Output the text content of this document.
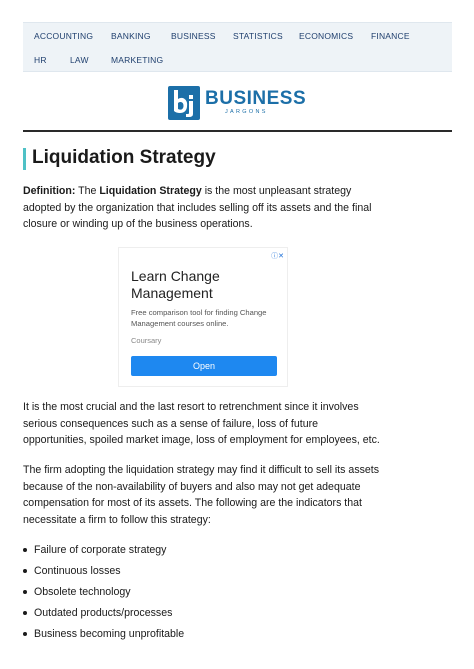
ACCOUNTING BANKING BUSINESS STATISTICS ECONOMICS FINANCE
HR	LAW	MARKETING
BUSINESS
JARGONS
Liquidation Strategy

Definition: The Liquidation Strategy is the most unpleasant strategy adopted by the organization that includes selling off its assets and the final closure or winding up of the business operations.

ⓘ✕
Learn Change Management
Free comparison tool for finding Change Management courses online.
Coursary
Open

It is the most crucial and the last resort to retrenchment since it involves serious consequences such as a sense of failure, loss of future opportunities, spoiled market image, loss of employment for employees, etc.

The firm adopting the liquidation strategy may find it difficult to sell its assets because of the non-availability of buyers and also may not get adequate compensation for most of its assets. The following are the indicators that necessitate a firm to follow this strategy:

Failure of corporate strategy
Continuous losses
Obsolete technology
Outdated products/processes
Business becoming unprofitable
